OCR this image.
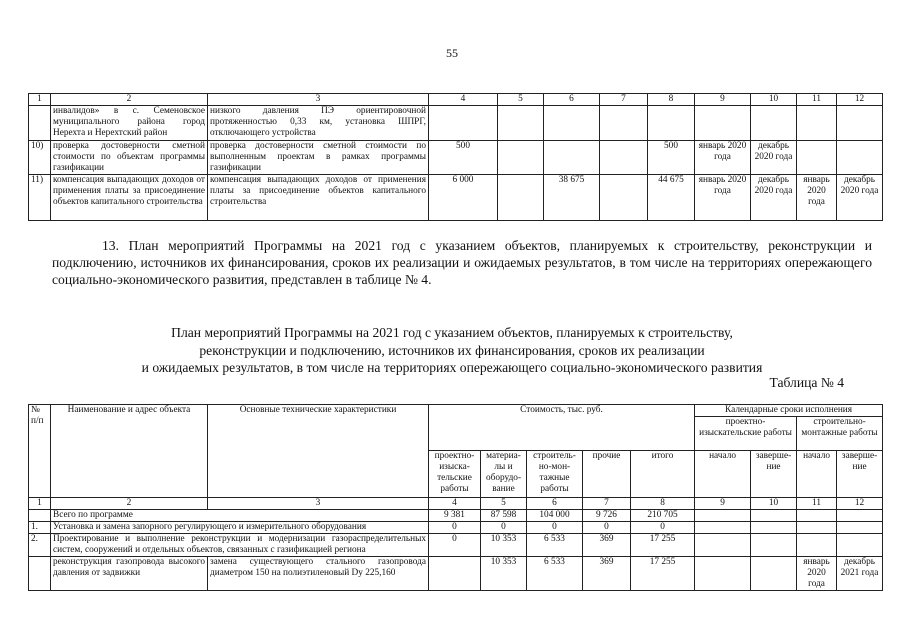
55
1	2	3	4	5	6	7	8	9	10	11	12
	инвалидов» в с. Семеновское муниципального района город Нерехта и Нерехтский район	низкого давления ПЭ ориентировочной протяженностью 0,33 км, установка ШПРГ, отключающего устройства									
10)	проверка достоверности сметной стоимости по объектам программы газификации	проверка достоверности сметной стоимости по выполненным проектам в рамках программы газификации	500				500	январь 2020 года	декабрь 2020 года		
11)	компенсация выпадающих доходов от применения платы за присоединение объектов капитального строительства	компенсация выпадающих доходов от применения платы за присоединение объектов капитального строительства	6 000		38 675		44 675	январь 2020 года	декабрь 2020 года	январь 2020 года	декабрь 2020 года
13. План мероприятий Программы на 2021 год с указанием объектов, планируемых к строительству, реконструкции и подключению, источников их финансирования, сроков их реализации и ожидаемых результатов, в том числе на территориях опережающего социально-экономического развития, представлен в таблице № 4.
План мероприятий Программы на 2021 год с указанием объектов, планируемых к строительству,
реконструкции и подключению, источников их финансирования, сроков их реализации
и ожидаемых результатов, в том числе на территориях опережающего социально-экономического развития
Таблица № 4
№ п/п	Наименование и адрес объекта	Основные технические характеристики	Стоимость, тыс. руб.					Календарные сроки исполнения			
								проектно-изыскательские работы		строительно-монтажные работы	
			проектно-изыска-тельские работы	материа-лы и оборудо-вание	строитель-но-мон-тажные работы	прочие	итого	начало	заверше-ние	начало	заверше-ние
1	2	3	4	5	6	7	8	9	10	11	12
	Всего по программе		9 381	87 598	104 000	9 726	210 705				
1.	Установка и замена запорного регулирующего и измерительного оборудования		0	0	0	0	0				
2.	Проектирование и выполнение реконструкции и модернизации газораспределительных систем, сооружений и отдельных объектов, связанных с газификацией региона		0	10 353	6 533	369	17 255				
	реконструкция газопровода высокого давления от задвижки	замена существующего стального газопровода диаметром 150 на полиэтиленовый Dy 225,160		10 353	6 533	369	17 255			январь 2020 года	декабрь 2021 года
